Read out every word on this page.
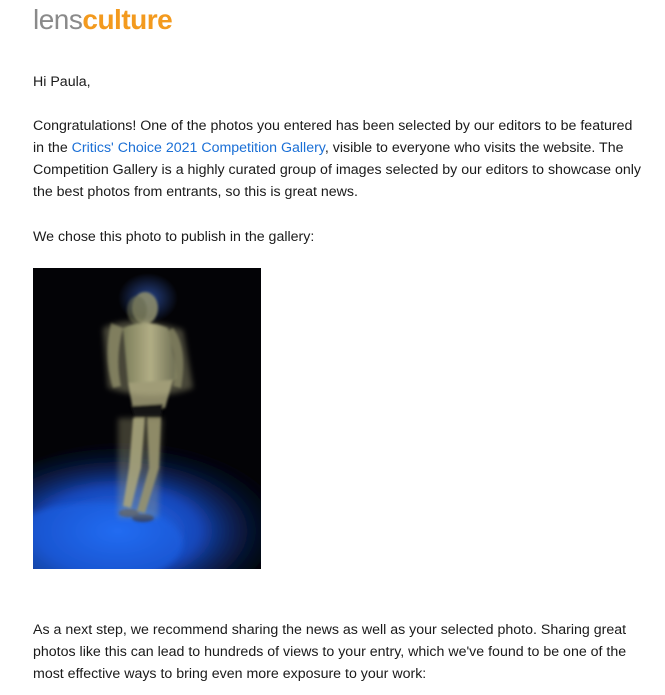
lensculture

Hi Paula,

Congratulations! One of the photos you entered has been selected by our editors to be featured in the Critics' Choice 2021 Competition Gallery, visible to everyone who visits the website. The Competition Gallery is a highly curated group of images selected by our editors to showcase only the best photos from entrants, so this is great news.

We chose this photo to publish in the gallery:

As a next step, we recommend sharing the news as well as your selected photo. Sharing great photos like this can lead to hundreds of views to your entry, which we've found to be one of the most effective ways to bring even more exposure to your work:
